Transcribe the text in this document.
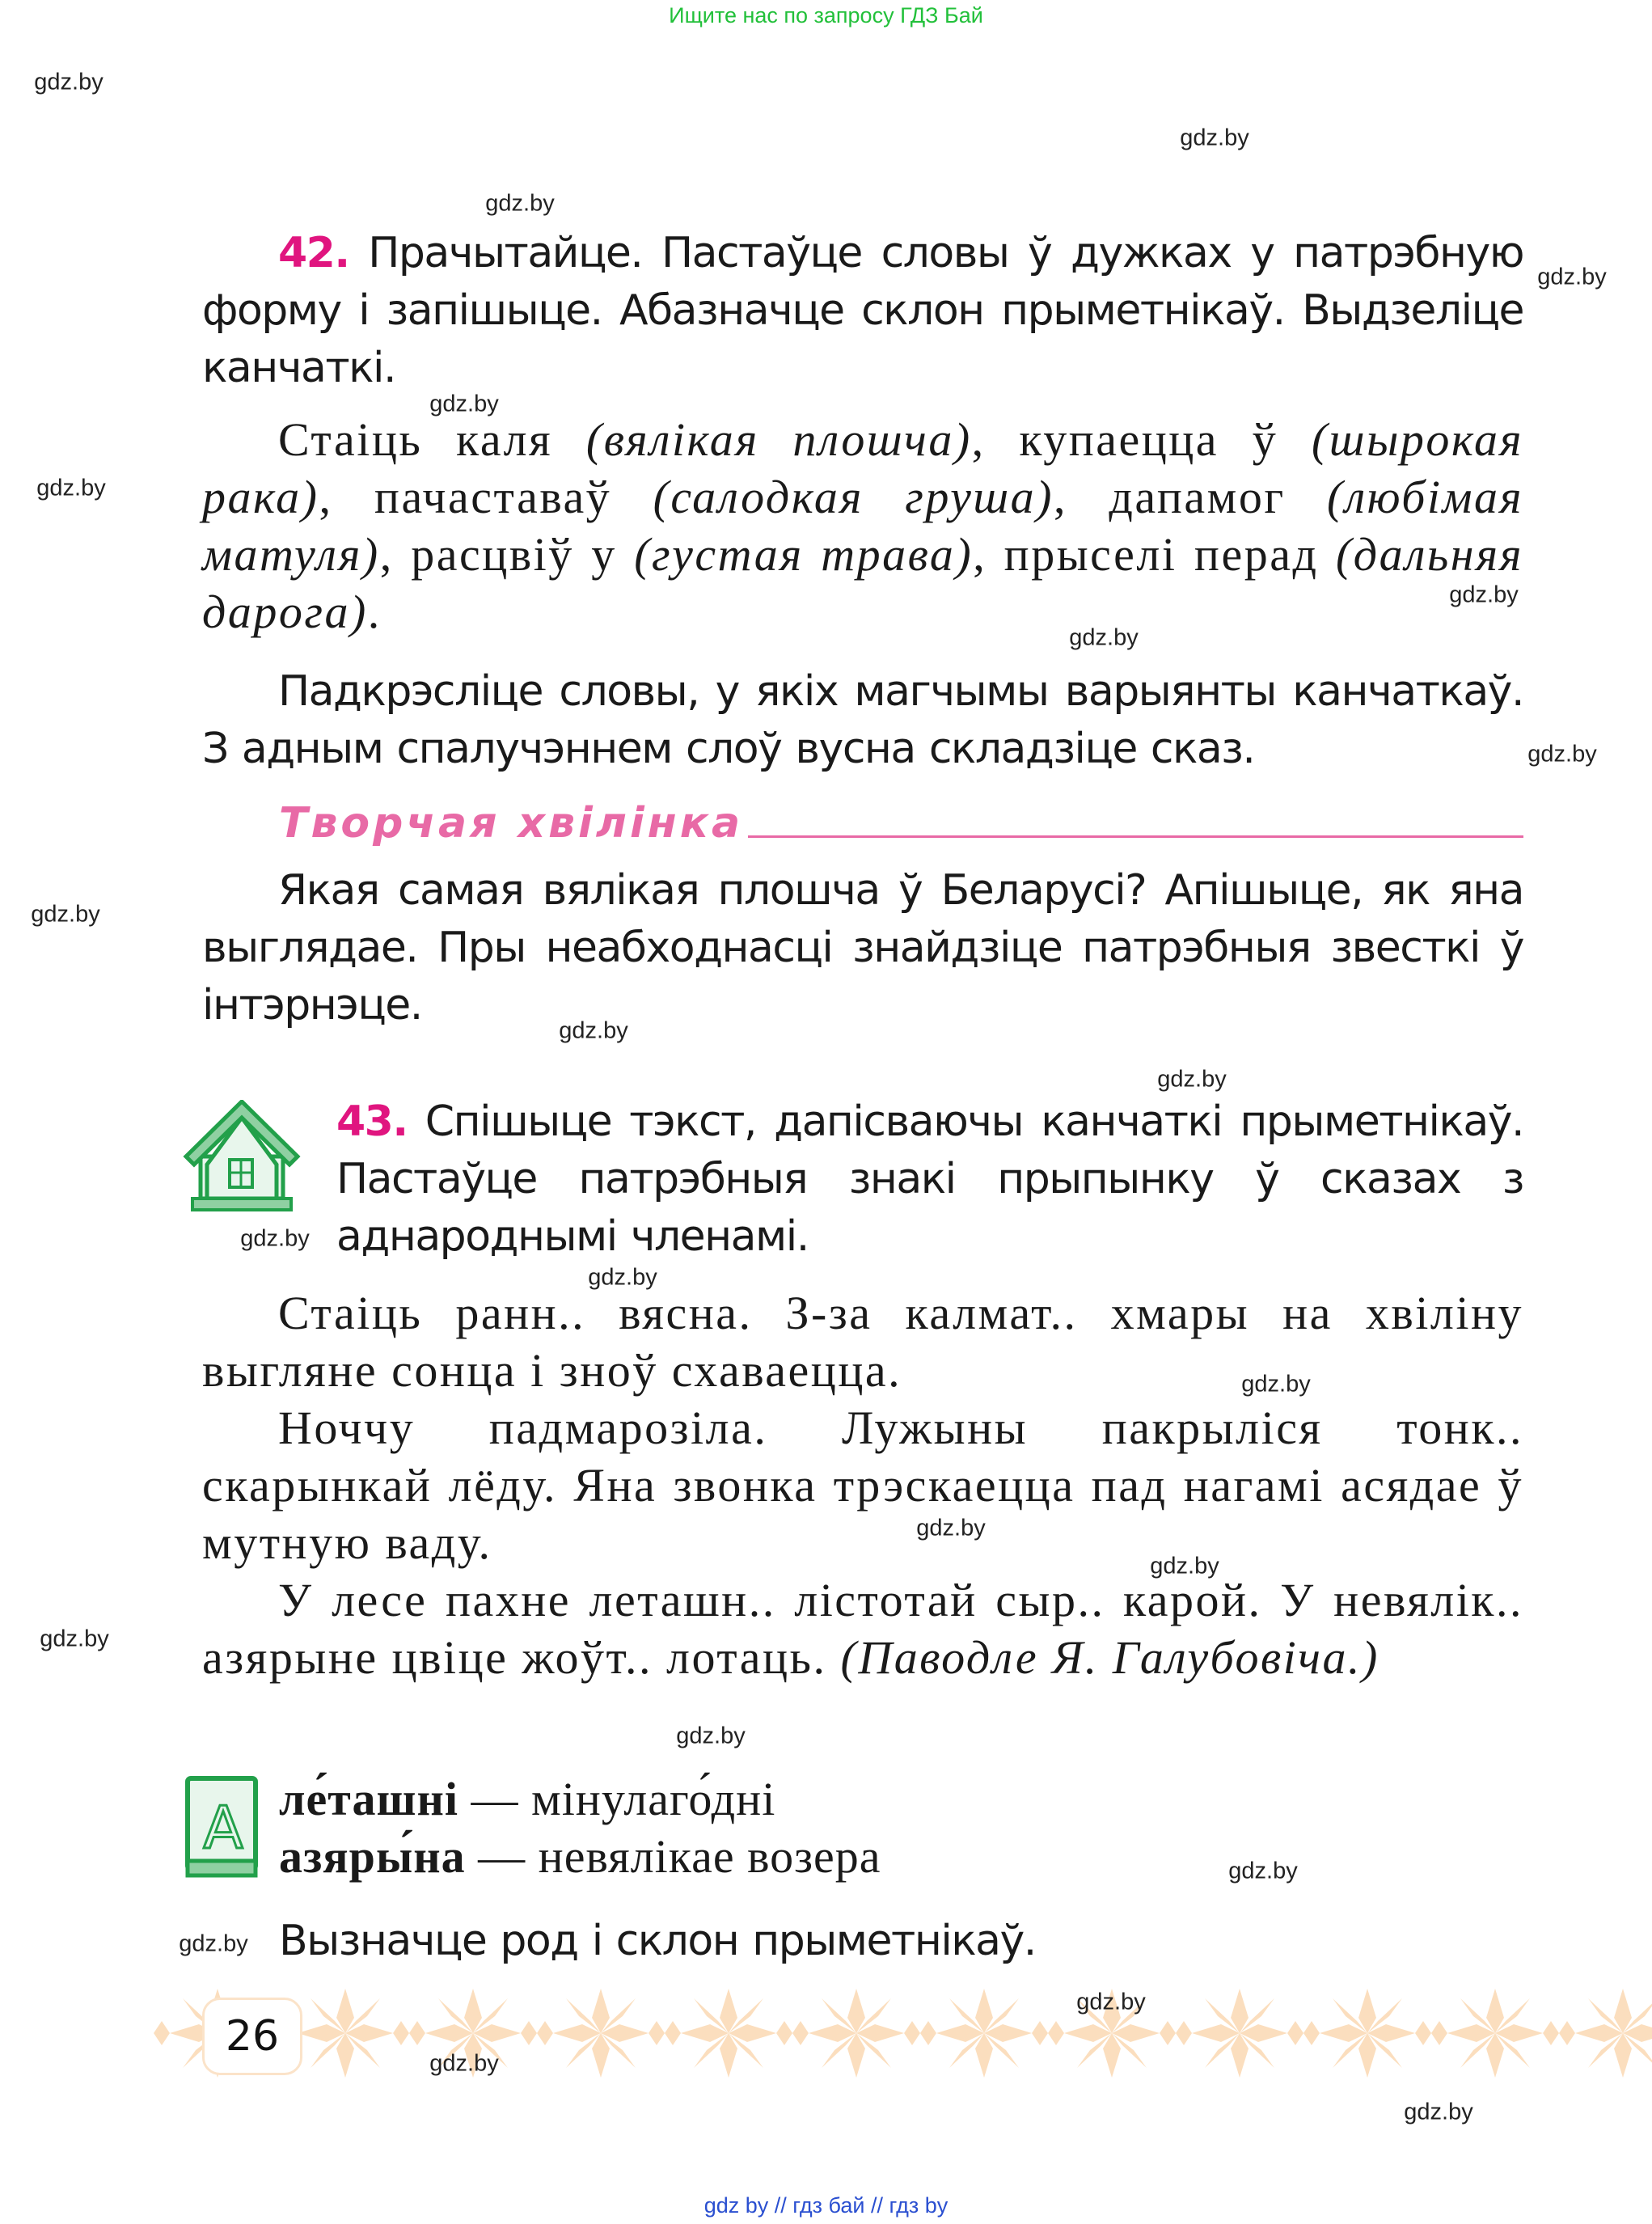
Ищите нас по запросу ГДЗ Бай
42. Прачытайце. Пастаўце словы ў дужках у патрэбную форму і запішыце. Абазначце склон прыметнікаў. Выдзеліце канчаткі.
Стаіць каля (вялікая плошча), купаецца ў (шырокая рака), пачаставаў (салодкая груша), дапамог (любімая матуля), расцвіў у (густая трава), прыселі перад (дальняя дарога).
Падкрэсліце словы, у якіх магчымы варыянты канчаткаў. З адным спалучэннем слоў вусна складзіце сказ.
Творчая хвілінка
Якая самая вялікая плошча ў Беларусі? Апішыце, як яна выглядае. Пры неабходнасці знайдзіце патрэбныя звесткі ў інтэрнэце.
43. Спішыце тэкст, дапісваючы канчаткі прыметнікаў. Пастаўце патрэбныя знакі прыпынку ў сказах з аднароднымі членамі.
Стаіць ранн.. вясна. З-за калмат.. хмары на хвіліну выгляне сонца і зноў схаваецца.
Ноччу падмарозіла. Лужыны пакрыліся тонк.. скарынкай лёду. Яна звонка трэскаецца пад нагамі асядае ў мутную ваду.
У лесе пахне леташн.. лістотай сыр.. карой. У невялік.. азярыне цвіце жоўт.. лотаць. (Паводле Я. Галубовіча.)
A ле́ташні — мінулаго́дні
азяры́на — невялікае возера
Вызначце род і склон прыметнікаў.
26
gdz by // гдз бай // гдз by
gdz.by
gdz.by
gdz.by
gdz.by
gdz.by
gdz.by
gdz.by
gdz.by
gdz.by
gdz.by
gdz.by
gdz.by
gdz.by
gdz.by
gdz.by
gdz.by
gdz.by
gdz.by
gdz.by
gdz.by
gdz.by
gdz.by
gdz.by
gdz.by
